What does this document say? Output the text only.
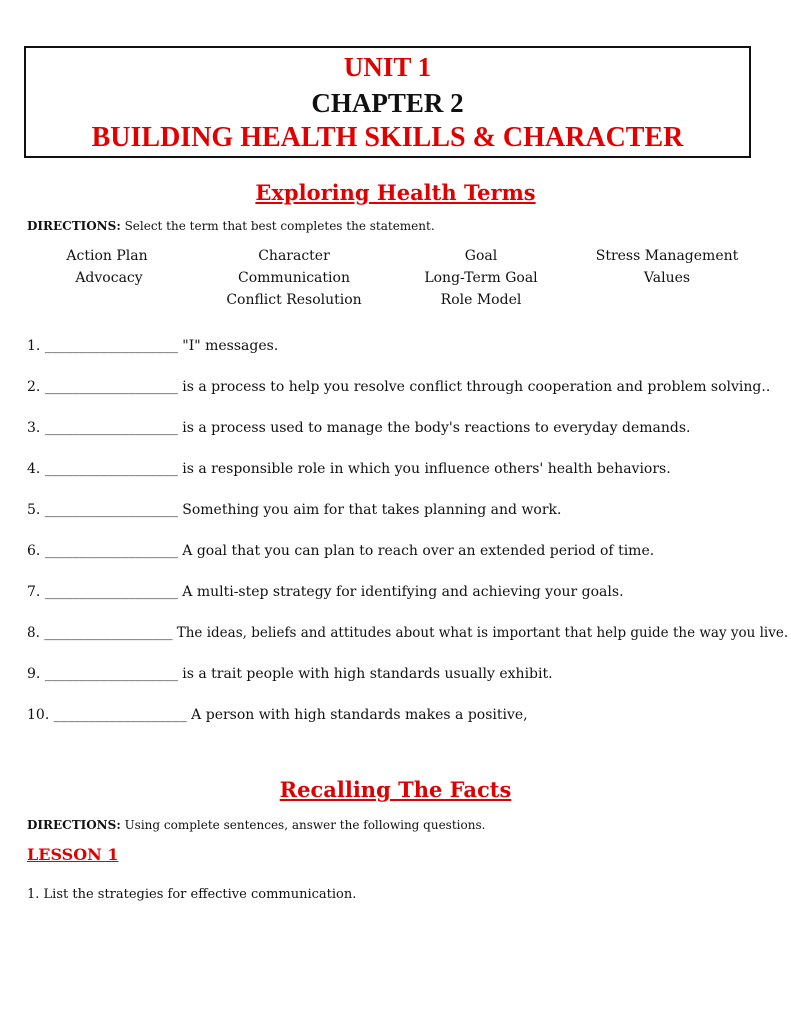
UNIT 1
CHAPTER 2
BUILDING HEALTH SKILLS & CHARACTER
Exploring Health Terms
DIRECTIONS: Select the term that best completes the statement.
Action Plan
Advocacy
Character
Communication
Conflict Resolution
Goal
Long-Term Goal
Role Model
Stress Management
Values
1. ___________________ "I" messages.
2. ___________________ is a process to help you resolve conflict through cooperation and problem solving..
3. ___________________ is a process used to manage the body's reactions to everyday demands.
4. ___________________ is a responsible role in which you influence others' health behaviors.
5. ___________________ Something you aim for that takes planning and work.
6. ___________________ A goal that you can plan to reach over an extended period of time.
7. ___________________ A multi-step strategy for identifying and achieving your goals.
8. ___________________ The ideas, beliefs and attitudes about what is important that help guide the way you live.
9. ___________________ is a trait people with high standards usually exhibit.
10. ___________________ A person with high standards makes a positive,
Recalling The Facts
DIRECTIONS: Using complete sentences, answer the following questions.
LESSON 1
1. List the strategies for effective communication.
